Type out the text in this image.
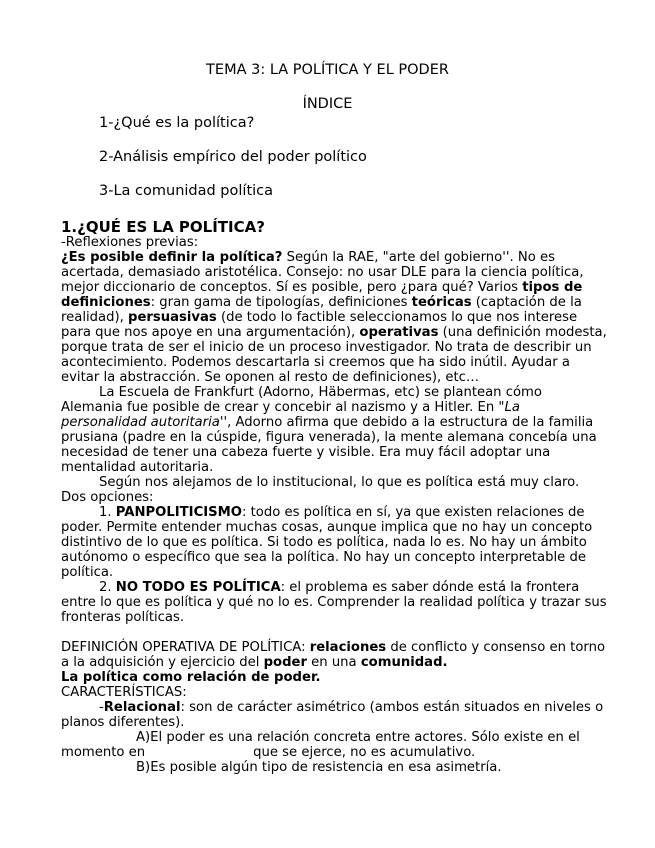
TEMA 3: LA POLÍTICA Y EL PODER
ÍNDICE
1-¿Qué es la política?
2-Análisis empírico del poder político
3-La comunidad política
1.¿QUÉ ES LA POLÍTICA?
-Reflexiones previas:
¿Es posible definir la política? Según la RAE, "arte del gobierno''. No es
acertada, demasiado aristotélica. Consejo: no usar DLE para la ciencia política,
mejor diccionario de conceptos. Sí es posible, pero ¿para qué? Varios tipos de
definiciones: gran gama de tipologías, definiciones teóricas (captación de la
realidad), persuasivas (de todo lo factible seleccionamos lo que nos interese
para que nos apoye en una argumentación), operativas (una definición modesta,
porque trata de ser el inicio de un proceso investigador. No trata de describir un
acontecimiento. Podemos descartarla si creemos que ha sido inútil. Ayudar a
evitar la abstracción. Se oponen al resto de definiciones), etc…
La Escuela de Frankfurt (Adorno, Häbermas, etc) se plantean cómo
Alemania fue posible de crear y concebir al nazismo y a Hitler. En "La
personalidad autoritaria'', Adorno afirma que debido a la estructura de la familia
prusiana (padre en la cúspide, figura venerada), la mente alemana concebía una
necesidad de tener una cabeza fuerte y visible. Era muy fácil adoptar una
mentalidad autoritaria.
Según nos alejamos de lo institucional, lo que es política está muy claro.
Dos opciones:
1. PANPOLITICISMO: todo es política en sí, ya que existen relaciones de
poder. Permite entender muchas cosas, aunque implica que no hay un concepto
distintivo de lo que es política. Si todo es política, nada lo es. No hay un ámbito
autónomo o específico que sea la política. No hay un concepto interpretable de
política.
2. NO TODO ES POLÍTICA: el problema es saber dónde está la frontera
entre lo que es política y qué no lo es. Comprender la realidad política y trazar sus
fronteras políticas.
DEFINICIÓN OPERATIVA DE POLÍTICA: relaciones de conflicto y consenso en torno
a la adquisición y ejercicio del poder en una comunidad.
La política como relación de poder.
CARACTERÍSTICAS:
-Relacional: son de carácter asimétrico (ambos están situados en niveles o
planos diferentes).
A)El poder es una relación concreta entre actores. Sólo existe en el
momento en	que se ejerce, no es acumulativo.
B)Es posible algún tipo de resistencia en esa asimetría.
